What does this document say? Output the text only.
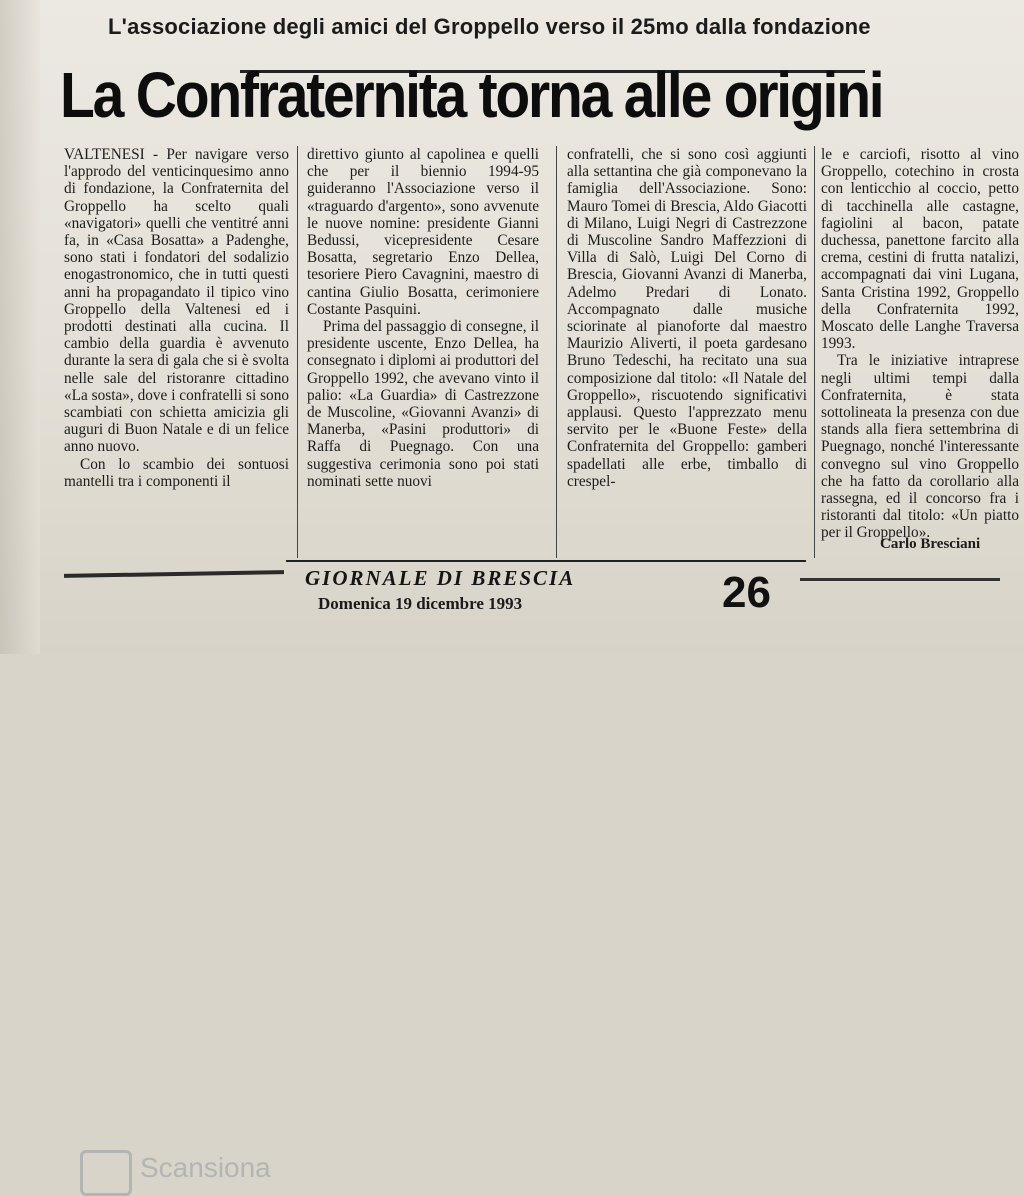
L'associazione degli amici del Groppello verso il 25mo dalla fondazione
La Confraternita torna alle origini

VALTENESI - Per navigare verso l'approdo del venticinquesimo anno di fondazione, la Confraternita del Groppello ha scelto quali «navigatori» quelli che ventitré anni fa, in «Casa Bosatta» a Padenghe, sono stati i fondatori del sodalizio enogastronomico, che in tutti questi anni ha propagandato il tipico vino Groppello della Valtenesi ed i prodotti destinati alla cucina. Il cambio della guardia è avvenuto durante la sera di gala che si è svolta nelle sale del ristoranre cittadino «La sosta», dove i confratelli si sono scambiati con schietta amicizia gli auguri di Buon Natale e di un felice anno nuovo.

Con lo scambio dei sontuosi mantelli tra i componenti il

direttivo giunto al capolinea e quelli che per il biennio 1994-95 guideranno l'Associazione verso il «traguardo d'argento», sono avvenute le nuove nomine: presidente Gianni Bedussi, vicepresidente Cesare Bosatta, segretario Enzo Dellea, tesoriere Piero Cavagnini, maestro di cantina Giulio Bosatta, cerimoniere Costante Pasquini.

Prima del passaggio di consegne, il presidente uscente, Enzo Dellea, ha consegnato i diplomi ai produttori del Groppello 1992, che avevano vinto il palio: «La Guardia» di Castrezzone de Muscoline, «Giovanni Avanzi» di Manerba, «Pasini produttori» di Raffa di Puegnago. Con una suggestiva cerimonia sono poi stati nominati sette nuovi

confratelli, che si sono così aggiunti alla settantina che già componevano la famiglia dell'Associazione. Sono: Mauro Tomei di Brescia, Aldo Giacotti di Milano, Luigi Negri di Castrezzone di Muscoline Sandro Maffezzioni di Villa di Salò, Luigi Del Corno di Brescia, Giovanni Avanzi di Manerba, Adelmo Predari di Lonato. Accompagnato dalle musiche sciorinate al pianoforte dal maestro Maurizio Aliverti, il poeta gardesano Bruno Tedeschi, ha recitato una sua composizione dal titolo: «Il Natale del Groppello», riscuotendo significativi applausi. Questo l'apprezzato menu servito per le «Buone Feste» della Confraternita del Groppello: gamberi spadellati alle erbe, timballo di crespel-

le e carciofi, risotto al vino Groppello, cotechino in crosta con lenticchio al coccio, petto di tacchinella alle castagne, fagiolini al bacon, patate duchessa, panettone farcito alla crema, cestini di frutta natalizi, accompagnati dai vini Lugana, Santa Cristina 1992, Groppello della Confraternita 1992, Moscato delle Langhe Traversa 1993.

Tra le iniziative intraprese negli ultimi tempi dalla Confraternita, è stata sottolineata la presenza con due stands alla fiera settembrina di Puegnago, nonché l'interessante convegno sul vino Groppello che ha fatto da corollario alla rassegna, ed il concorso fra i ristoranti dal titolo: «Un piatto per il Groppello».

Carlo Bresciani
Scansiona
GIORNALE DI BRESCIA
Domenica 19 dicembre 1993	26
